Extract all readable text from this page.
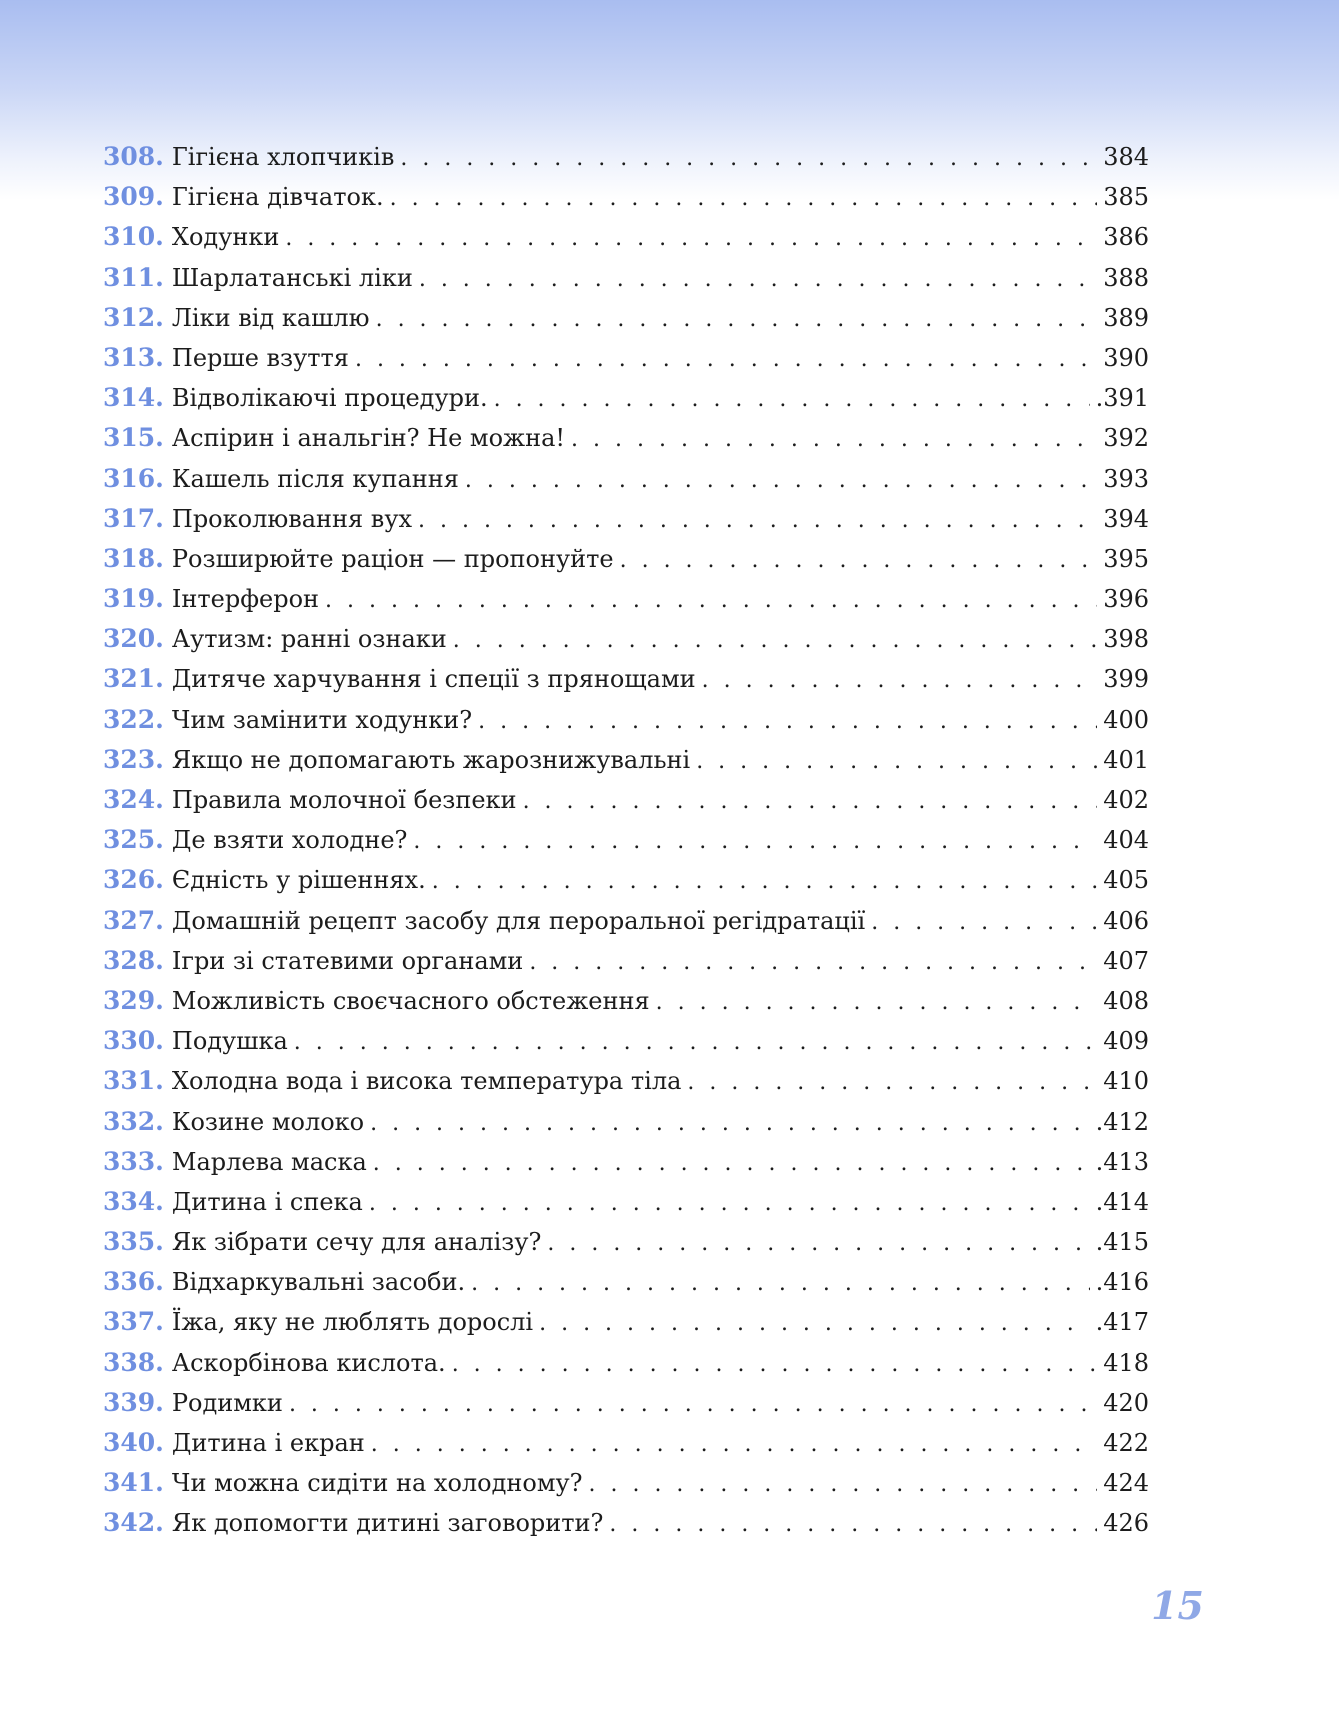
308. Гігієна хлопчиків . . .	384
309. Гігієна дівчаток. . . .	385
310. Ходунки . . .	386
311. Шарлатанські ліки . . .	388
312. Ліки від кашлю . . .	389
313. Перше взуття . . .	390
314. Відволікаючі процедури. . . .	.391
315. Аспірин і анальгін? Не можна! . . .	392
316. Кашель після купання . . .	393
317. Проколювання вух . . .	394
318. Розширюйте раціон — пропонуйте . . .	395
319. Інтерферон . . .	396
320. Аутизм: ранні ознаки . . .	398
321. Дитяче харчування і спеції з прянощами . . .	399
322. Чим замінити ходунки? . . .	400
323. Якщо не допомагають жарознижувальні . . .	401
324. Правила молочної безпеки . . .	402
325. Де взяти холодне? . . .	404
326. Єдність у рішеннях. . . .	405
327. Домашній рецепт засобу для пероральної регідратації . . .	406
328. Ігри зі статевими органами . . .	407
329. Можливість своєчасного обстеження . . .	408
330. Подушка . . .	409
331. Холодна вода і висока температура тіла . . .	410
332. Козине молоко . . .	.412
333. Марлева маска . . .	.413
334. Дитина і спека . . .	.414
335. Як зібрати сечу для аналізу? . . .	.415
336. Відхаркувальні засоби. . . .	.416
337. Їжа, яку не люблять дорослі . . .	.417
338. Аскорбінова кислота. . . .	418
339. Родимки . . .	420
340. Дитина і екран . . .	422
341. Чи можна сидіти на холодному? . . .	424
342. Як допомогти дитині заговорити? . . .	426
15
